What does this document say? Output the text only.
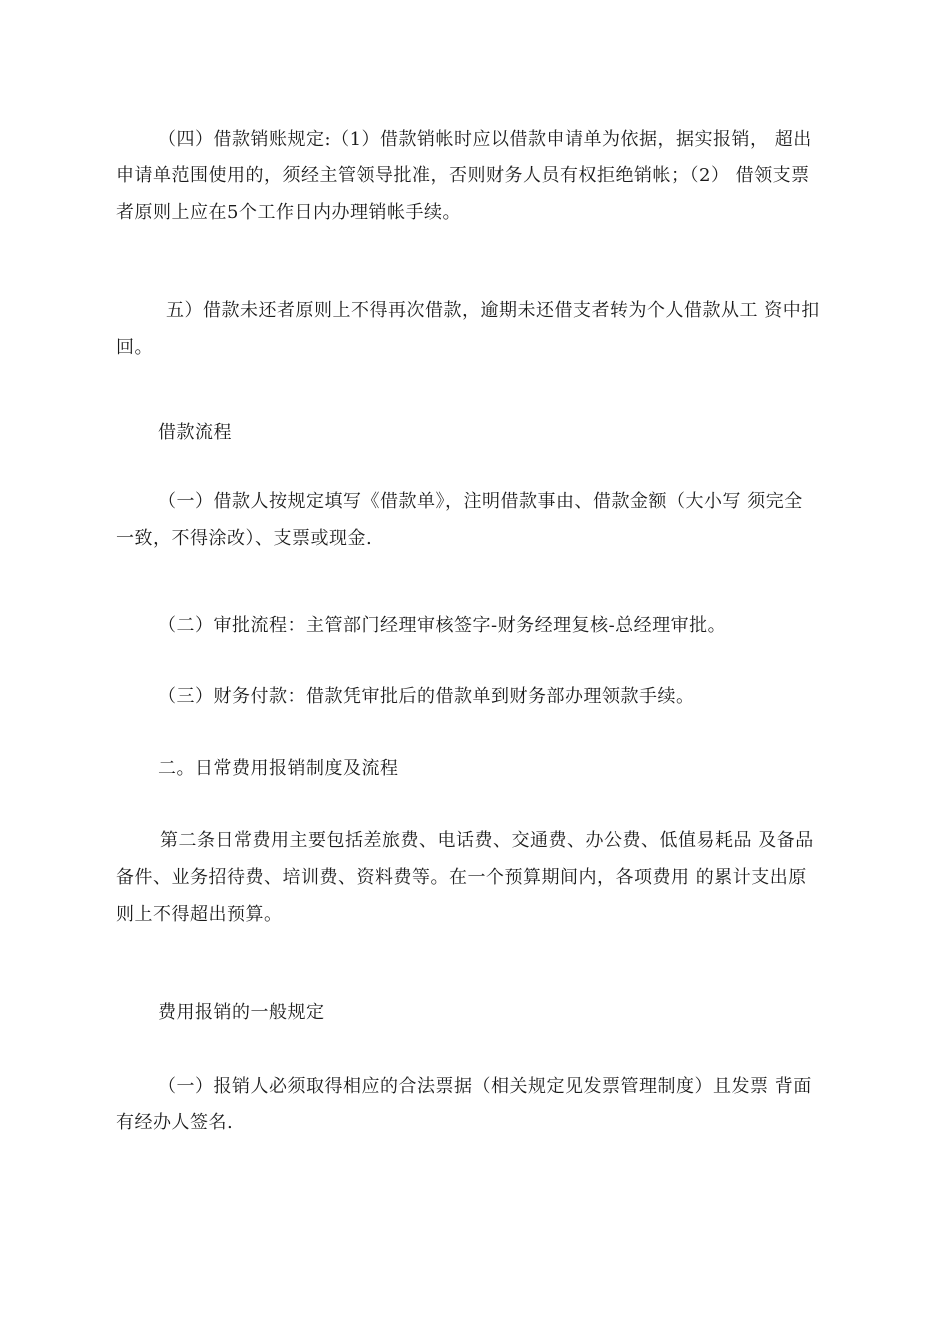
（四）借款销账规定:（1）借款销帐时应以借款申请单为依据，据实报销， 超出
申请单范围使用的，须经主管领导批准，否则财务人员有权拒绝销帐；（2） 借领支票
者原则上应在5个工作日内办理销帐手续。
五）借款未还者原则上不得再次借款，逾期未还借支者转为个人借款从工 资中扣
回。
借款流程
（一）借款人按规定填写《借款单》，注明借款事由、借款金额（大小写 须完全
一致，不得涂改）、支票或现金.
（二）审批流程：主管部门经理审核签字-财务经理复核-总经理审批。
（三）财务付款：借款凭审批后的借款单到财务部办理领款手续。
二。日常费用报销制度及流程
第二条日常费用主要包括差旅费、电话费、交通费、办公费、低值易耗品 及备品
备件、业务招待费、培训费、资料费等。在一个预算期间内，各项费用 的累计支出原
则上不得超出预算。
费用报销的一般规定
（一）报销人必须取得相应的合法票据（相关规定见发票管理制度）且发票 背面
有经办人签名.
